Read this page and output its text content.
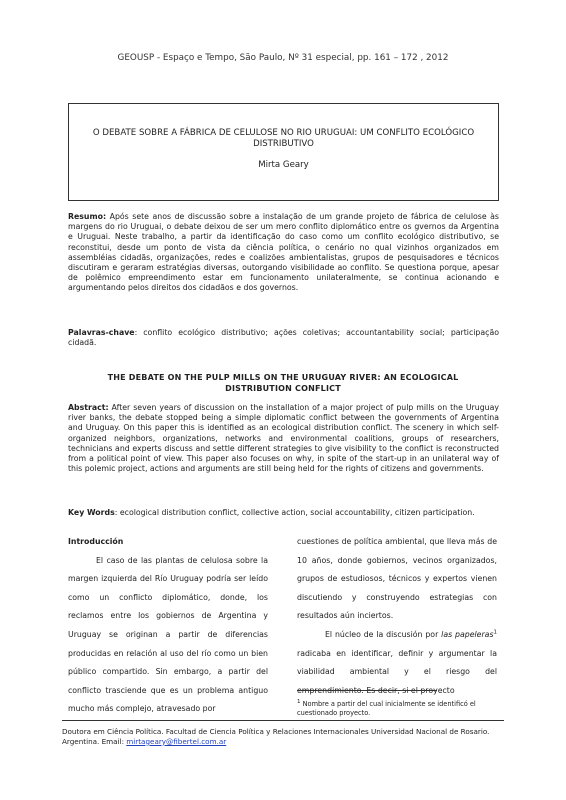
GEOUSP - Espaço e Tempo, São Paulo, Nº 31 especial, pp. 161 – 172 , 2012
O DEBATE SOBRE A FÁBRICA DE CELULOSE NO RIO URUGUAI: UM CONFLITO ECOLÓGICO DISTRIBUTIVO
Mirta Geary
Resumo: Após sete anos de discussão sobre a instalação de um grande projeto de fábrica de celulose às margens do rio Uruguai, o debate deixou de ser um mero conflito diplomático entre os gvernos da Argentina e Uruguai. Neste trabalho, a partir da identificação do caso como um conflito ecológico distributivo, se reconstitui, desde um ponto de vista da ciência política, o cenário no qual vizinhos organizados em assembléias cidadãs, organizações, redes e coalizões ambientalistas, grupos de pesquisadores e técnicos discutiram e geraram estratégias diversas, outorgando visibilidade ao conflito. Se questiona porque, apesar de polêmico empreendimento estar em funcionamento unilateralmente, se continua acionando e argumentando pelos direitos dos cidadãos e dos governos.
Palavras-chave: conflito ecológico distributivo; ações coletivas; accountantability social; participação cidadã.
THE DEBATE ON THE PULP MILLS ON THE URUGUAY RIVER: AN ECOLOGICAL DISTRIBUTION CONFLICT
Abstract: After seven years of discussion on the installation of a major project of pulp mills on the Uruguay river banks, the debate stopped being a simple diplomatic conflict between the governments of Argentina and Uruguay. On this paper this is identified as an ecological distribution conflict. The scenery in which self-organized neighbors, organizations, networks and environmental coalitions, groups of researchers, technicians and experts discuss and settle different strategies to give visibility to the conflict is reconstructed from a political point of view. This paper also focuses on why, in spite of the start-up in an unilateral way of this polemic project, actions and arguments are still being held for the rights of citizens and governments.
Key Words: ecological distribution conflict, collective action, social accountability, citizen participation.
Introducción
El caso de las plantas de celulosa sobre la margen izquierda del Río Uruguay podría ser leído como un conflicto diplomático, donde, los reclamos entre los gobiernos de Argentina y Uruguay se originan a partir de diferencias producidas en relación al uso del río como un bien público compartido. Sin embargo, a partir del conflicto trasciende que es un problema antiguo mucho más complejo, atravesado por
cuestiones de política ambiental, que lleva más de 10 años, donde gobiernos, vecinos organizados, grupos de estudiosos, técnicos y expertos vienen discutiendo y construyendo estrategias con resultados aún inciertos.
El núcleo de la discusión por las papeleras$^1$ radicaba en identificar, definir y argumentar la viabilidad ambiental y el riesgo del emprendimiento. Es decir, si el proyecto
$^1$ Nombre a partir del cual inicialmente se identificó el cuestionado proyecto.
Doutora em Ciência Política. Facultad de Ciencia Política y Relaciones Internacionales Universidad Nacional de Rosario. Argentina. Email: mirtageary@fibertel.com.ar
